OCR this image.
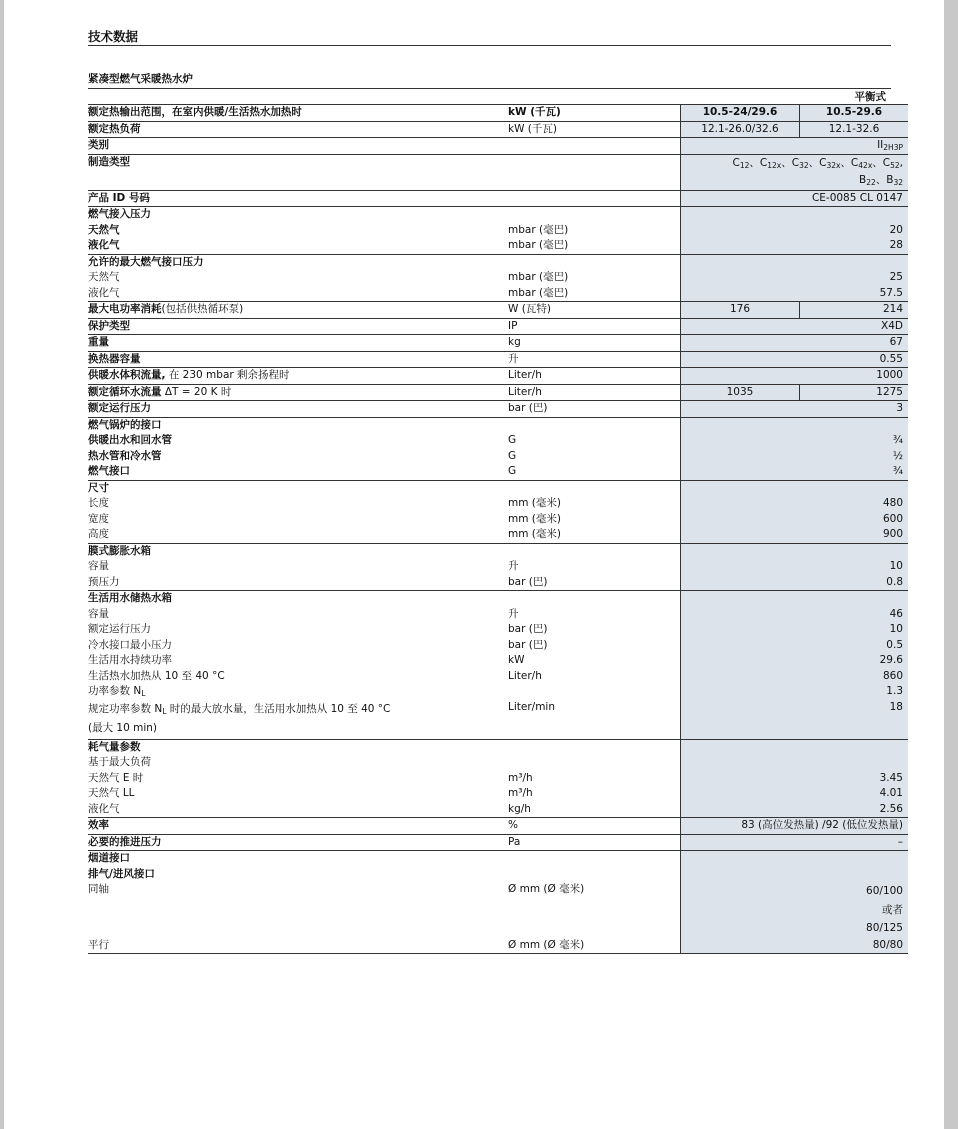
技术数据
紧凑型燃气采暖热水炉
平衡式
额定热输出范围，在室内供暖/生活热水加热时	kW (千瓦)	10.5-24/29.6	10.5-29.6
额定热负荷	kW (千瓦)	12.1-26.0/32.6	12.1-32.6
类别			$II_{2H3P}$
制造类型		$C_{12}$、$C_{12x}$、$C_{32}$、$C_{32x}$、$C_{42x}$、$C_{52}$,
$B_{22}$、$B_{32}$
产品 ID 号码		CE-0085 CL 0147	
燃气接入压力			
天然气	mbar (毫巴)	20	
液化气	mbar (毫巴)	28	
允许的最大燃气接口压力			
天然气	mbar (毫巴)	25	
液化气	mbar (毫巴)	57.5	
最大电功率消耗(包括供热循环泵)	W (瓦特)	176	214
保护类型	IP	X4D	
重量	kg	67	
换热器容量	升	0.55	
供暖水体积流量, 在 230 mbar 剩余扬程时	Liter/h	1000	
额定循环水流量 ΔT = 20 K 时	Liter/h	1035	1275
额定运行压力	bar (巴)	3	
燃气锅炉的接口			
供暖出水和回水管	G	¾	
热水管和冷水管	G	½	
燃气接口	G	¾	
尺寸			
长度	mm (毫米)	480	
宽度	mm (毫米)	600	
高度	mm (毫米)	900	
膜式膨胀水箱			
容量	升	10	
预压力	bar (巴)	0.8	
生活用水储热水箱			
容量	升	46	
额定运行压力	bar (巴)	10	
冷水接口最小压力	bar (巴)	0.5	
生活用水持续功率	kW	29.6	
生活热水加热从 10 至 40 °C	Liter/h	860	
功率参数 $N_L$		1.3	
规定功率参数 $N_L$ 时的最大放水量，生活用水加热从 10 至 40 °C
(最大 10 min)	Liter/min	18	
耗气量参数			
基于最大负荷			
天然气 E 时	m³/h	3.45	
天然气 LL	m³/h	4.01	
液化气	kg/h	2.56	
效率	%	83 (高位发热量) /92 (低位发热量)	
必要的推进压力	Pa	–	
烟道接口			
排气/进风接口			
同轴	Ø mm (Ø 毫米)	60/100
或者
80/125	

平行	Ø mm (Ø 毫米)	80/80	
